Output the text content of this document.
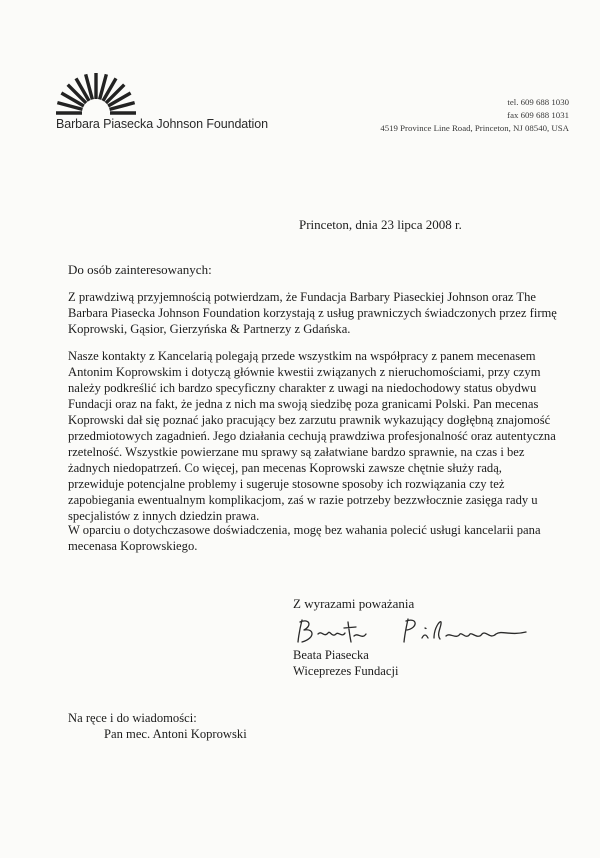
Barbara Piasecka Johnson Foundation
tel. 609 688 1030
fax 609 688 1031
4519 Province Line Road, Princeton, NJ 08540, USA
Princeton, dnia 23 lipca 2008 r.
Do osób zainteresowanych:

Z prawdziwą przyjemnością potwierdzam, że Fundacja Barbary Piaseckiej Johnson oraz The
Barbara Piasecka Johnson Foundation korzystają z usług prawniczych świadczonych przez firmę
Koprowski, Gąsior, Gierzyńska & Partnerzy z Gdańska.

Nasze kontakty z Kancelarią polegają przede wszystkim na współpracy z panem mecenasem
Antonim Koprowskim i dotyczą głównie kwestii związanych z nieruchomościami, przy czym
należy podkreślić ich bardzo specyficzny charakter z uwagi na niedochodowy status obydwu
Fundacji oraz na fakt, że jedna z nich ma swoją siedzibę poza granicami Polski. Pan mecenas
Koprowski dał się poznać jako pracujący bez zarzutu prawnik wykazujący dogłębną znajomość
przedmiotowych zagadnień. Jego działania cechują prawdziwa profesjonalność oraz autentyczna
rzetelność. Wszystkie powierzane mu sprawy są załatwiane bardzo sprawnie, na czas i bez
żadnych niedopatrzeń. Co więcej, pan mecenas Koprowski zawsze chętnie służy radą,
przewiduje potencjalne problemy i sugeruje stosowne sposoby ich rozwiązania czy też
zapobiegania ewentualnym komplikacjom, zaś w razie potrzeby bezzwłocznie zasięga rady u
specjalistów z innych dziedzin prawa.

W oparciu o dotychczasowe doświadczenia, mogę bez wahania polecić usługi kancelarii pana
mecenasa Koprowskiego.

Z wyrazami poważania
Beata Piasecka
Wiceprezes Fundacji
Na ręce i do wiadomości:
Pan mec. Antoni Koprowski
